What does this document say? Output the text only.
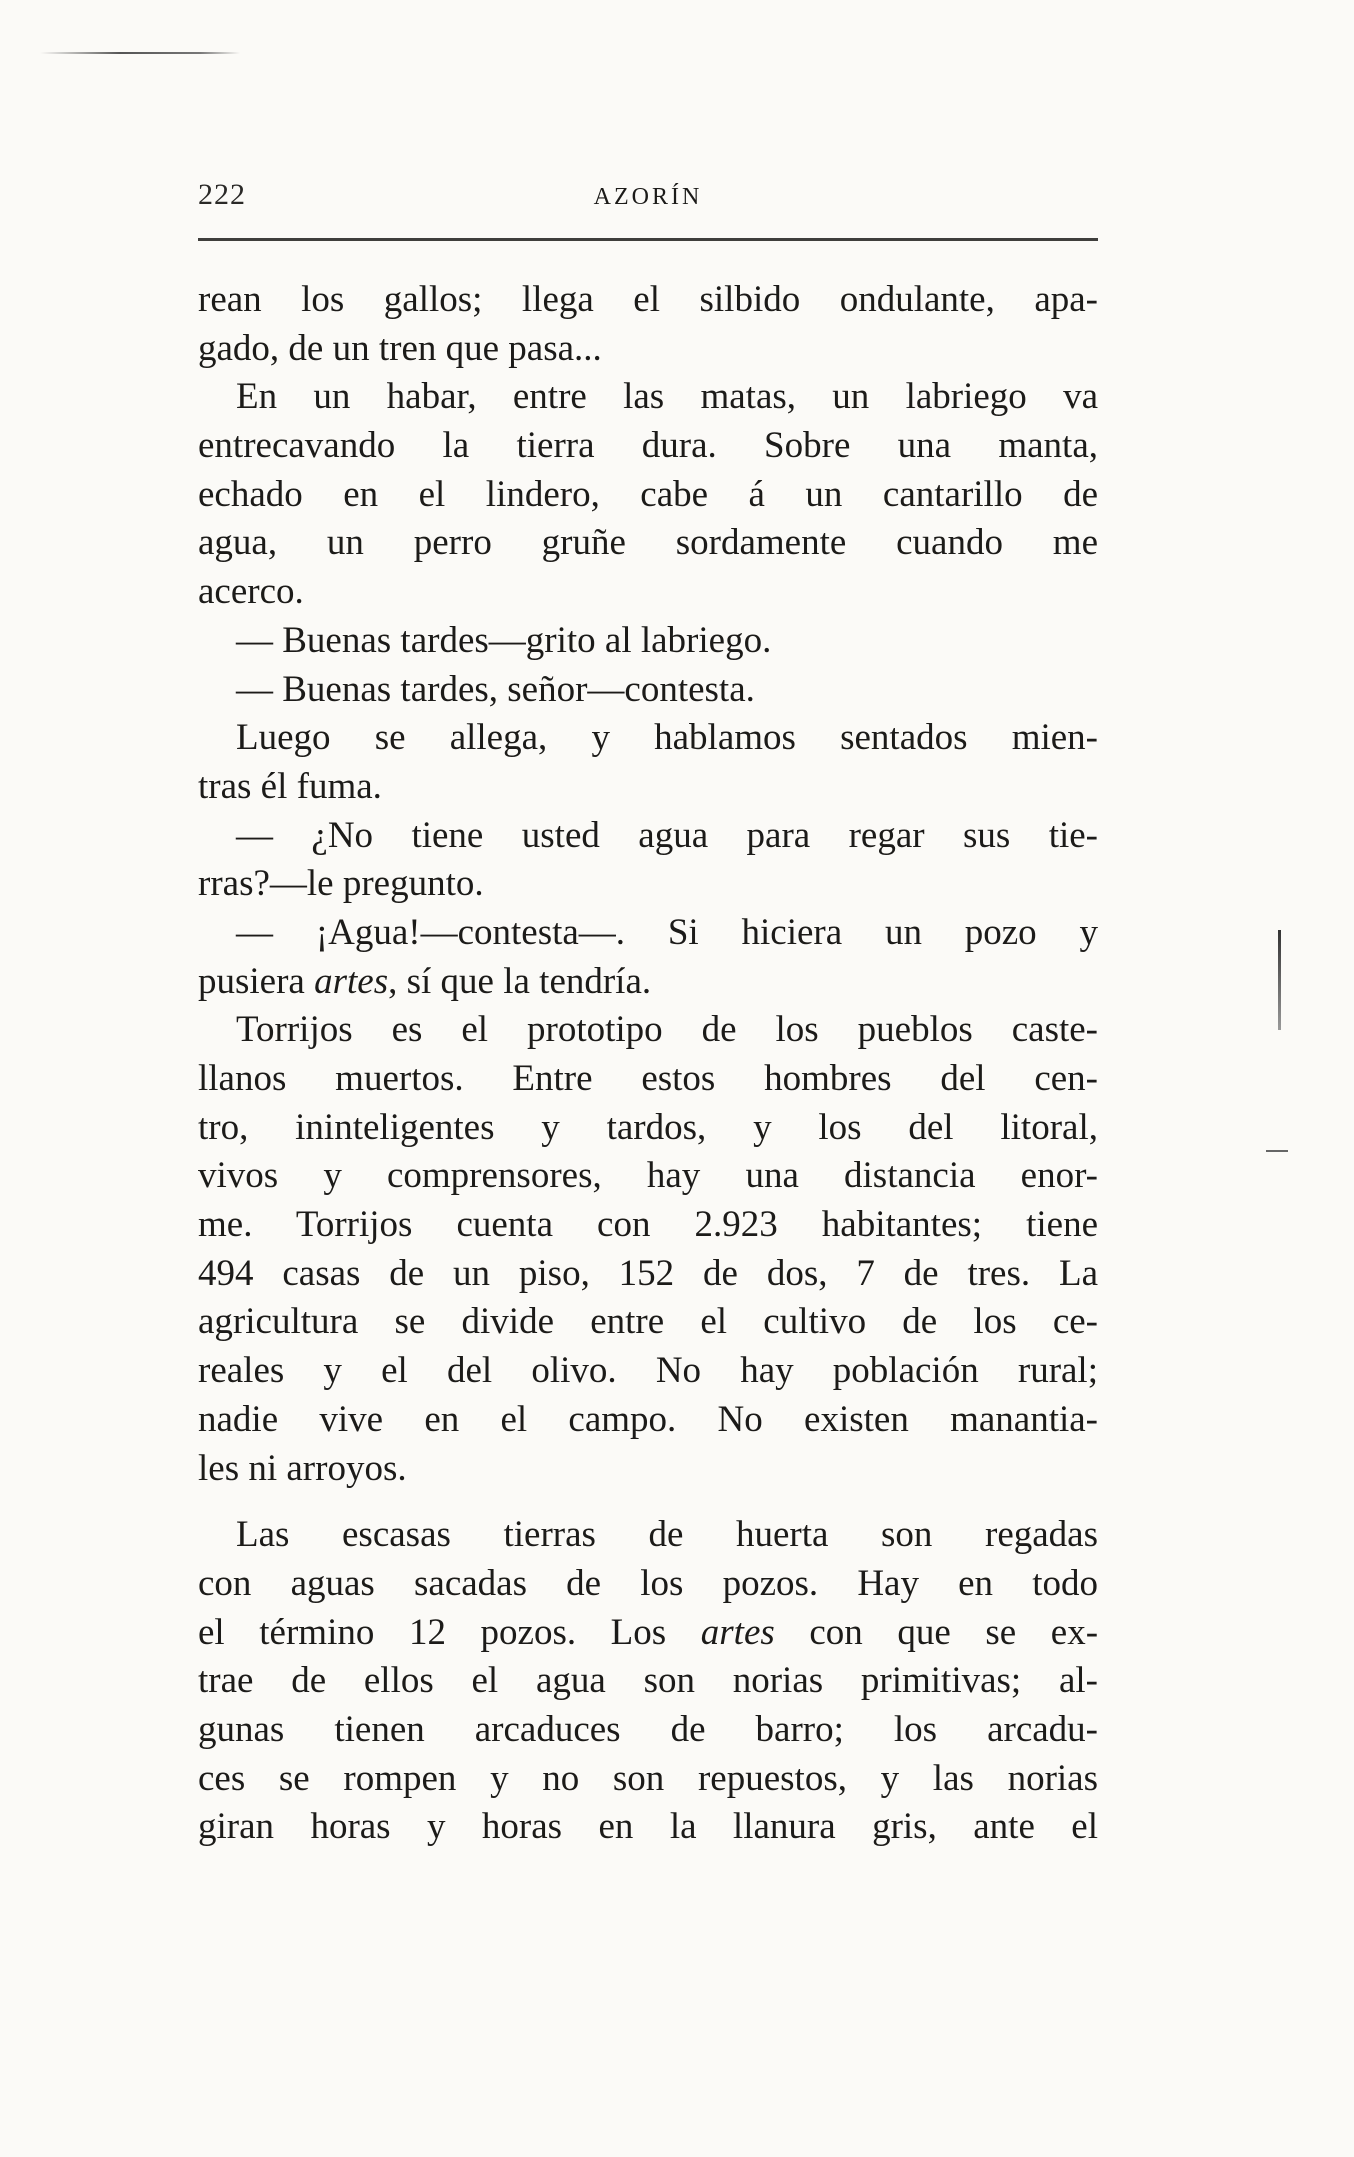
222	AZORÍN
rean los gallos; llega el silbido ondulante, apa-
gado, de un tren que pasa...
En un habar, entre las matas, un labriego va
entrecavando la tierra dura. Sobre una manta,
echado en el lindero, cabe á un cantarillo de
agua, un perro gruñe sordamente cuando me
acerco.
— Buenas tardes—grito al labriego.
— Buenas tardes, señor—contesta.
Luego se allega, y hablamos sentados mien-
tras él fuma.
— ¿No tiene usted agua para regar sus tie-
rras?—le pregunto.
— ¡Agua!—contesta—. Si hiciera un pozo y
pusiera artes, sí que la tendría.
Torrijos es el prototipo de los pueblos caste-
llanos muertos. Entre estos hombres del cen-
tro, ininteligentes y tardos, y los del litoral,
vivos y comprensores, hay una distancia enor-
me. Torrijos cuenta con 2.923 habitantes; tiene
494 casas de un piso, 152 de dos, 7 de tres. La
agricultura se divide entre el cultivo de los ce-
reales y el del olivo. No hay población rural;
nadie vive en el campo. No existen manantia-
les ni arroyos.
Las escasas tierras de huerta son regadas
con aguas sacadas de los pozos. Hay en todo
el término 12 pozos. Los artes con que se ex-
trae de ellos el agua son norias primitivas; al-
gunas tienen arcaduces de barro; los arcadu-
ces se rompen y no son repuestos, y las norias
giran horas y horas en la llanura gris, ante el
